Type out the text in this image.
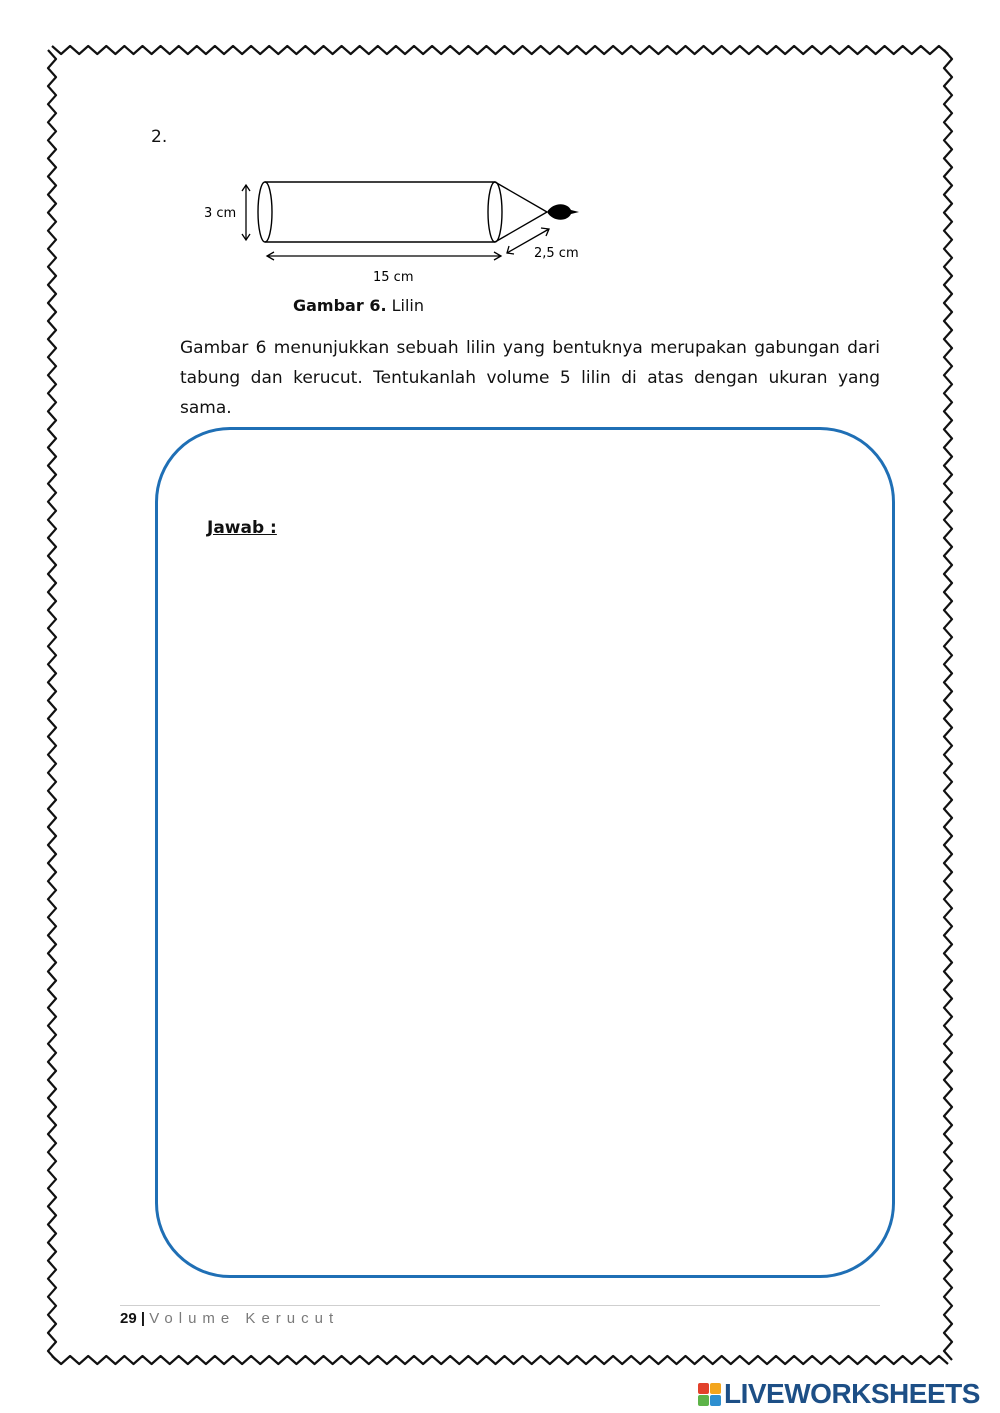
2.
3 cm
2,5 cm
15 cm
Gambar 6. Lilin

Gambar 6 menunjukkan sebuah lilin yang bentuknya merupakan gabungan dari tabung dan kerucut. Tentukanlah volume 5 lilin di atas dengan ukuran yang sama.

Jawab :
29 | Volume Kerucut
LIVEWORKSHEETS
